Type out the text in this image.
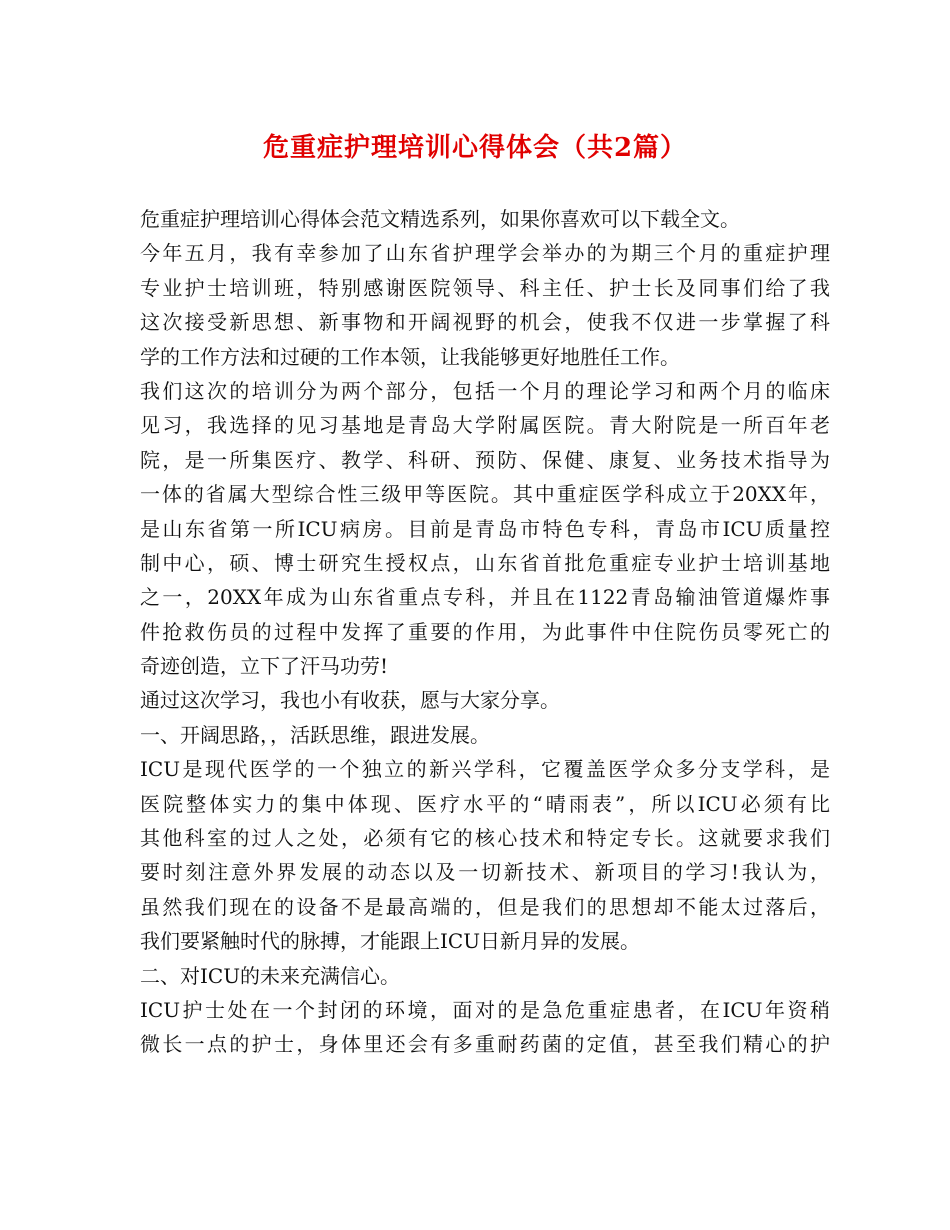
危重症护理培训心得体会（共2篇）
危重症护理培训心得体会范文精选系列，如果你喜欢可以下载全文。
今年五月，我有幸参加了山东省护理学会举办的为期三个月的重症护理
专业护士培训班，特别感谢医院领导、科主任、护士长及同事们给了我
这次接受新思想、新事物和开阔视野的机会，使我不仅进一步掌握了科
学的工作方法和过硬的工作本领，让我能够更好地胜任工作。
我们这次的培训分为两个部分，包括一个月的理论学习和两个月的临床
见习，我选择的见习基地是青岛大学附属医院。青大附院是一所百年老
院，是一所集医疗、教学、科研、预防、保健、康复、业务技术指导为
一体的省属大型综合性三级甲等医院。其中重症医学科成立于20XX年，
是山东省第一所ICU病房。目前是青岛市特色专科，青岛市ICU质量控
制中心，硕、博士研究生授权点，山东省首批危重症专业护士培训基地
之一，20XX年成为山东省重点专科，并且在1122青岛输油管道爆炸事
件抢救伤员的过程中发挥了重要的作用，为此事件中住院伤员零死亡的
奇迹创造，立下了汗马功劳!
通过这次学习，我也小有收获，愿与大家分享。
一、开阔思路，，活跃思维，跟进发展。
ICU是现代医学的一个独立的新兴学科，它覆盖医学众多分支学科，是
医院整体实力的集中体现、医疗水平的“晴雨表”，所以ICU必须有比
其他科室的过人之处，必须有它的核心技术和特定专长。这就要求我们
要时刻注意外界发展的动态以及一切新技术、新项目的学习!我认为，
虽然我们现在的设备不是最高端的，但是我们的思想却不能太过落后，
我们要紧触时代的脉搏，才能跟上ICU日新月异的发展。
二、对ICU的未来充满信心。
ICU护士处在一个封闭的环境，面对的是急危重症患者，在ICU年资稍
微长一点的护士，身体里还会有多重耐药菌的定值，甚至我们精心的护
